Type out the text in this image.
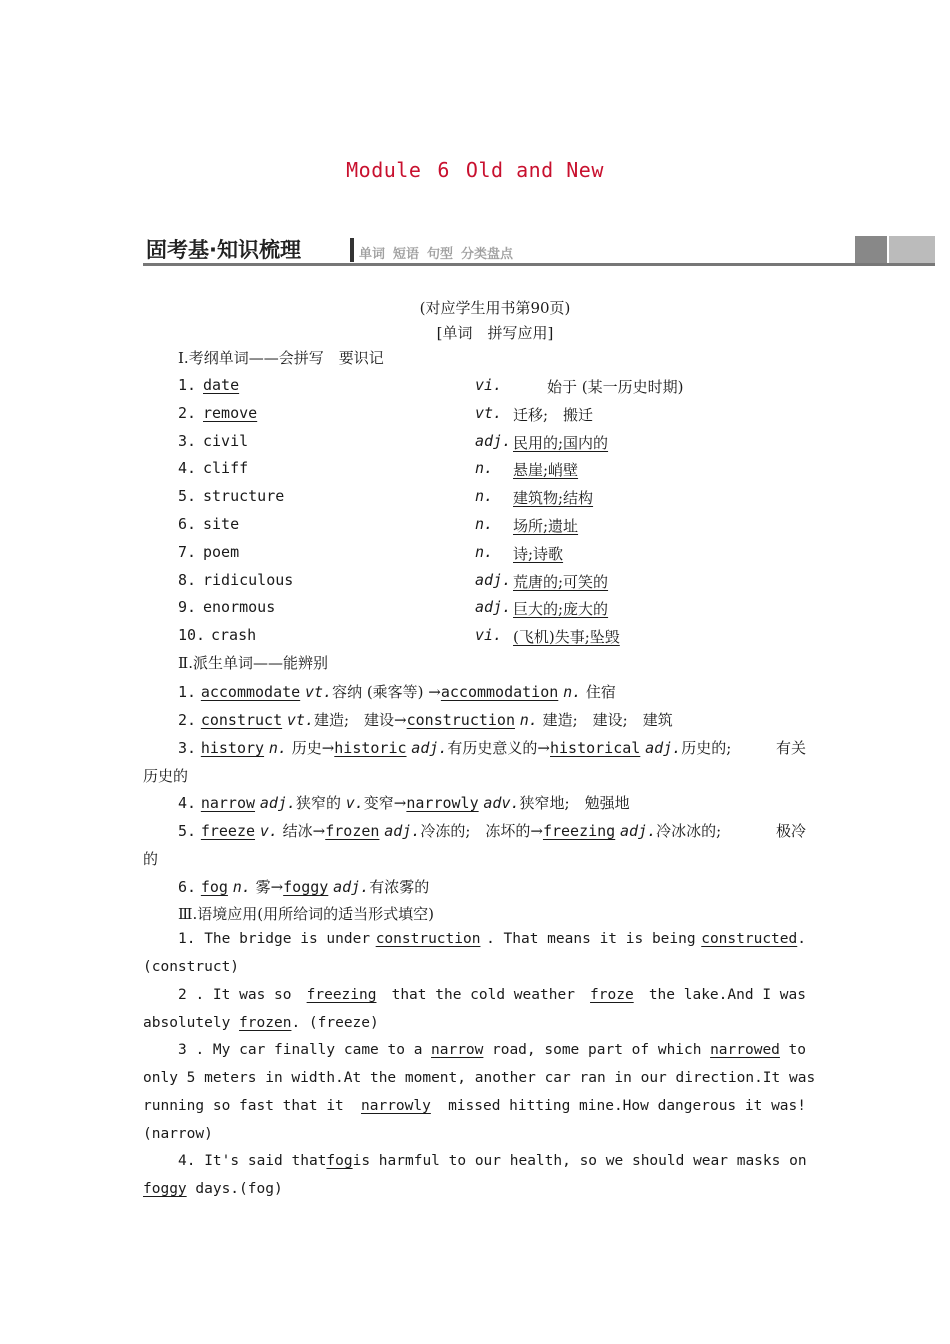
Module 6 Old and New
固考基·知识梳理	单词 短语 句型 分类盘点
(对应学生用书第90页)
[单词　拼写应用]
Ⅰ.考纲单词——会拼写　要识记
1. date	vi.	始于 (某一历史时期)
2. remove	vt. 迁移;　搬迁
3. civil	adj. 民用的;国内的
4. cliff	n. 悬崖;峭壁
5. structure	n. 建筑物;结构
6. site	n. 场所;遗址
7. poem	n. 诗;诗歌
8. ridiculous	adj. 荒唐的;可笑的
9. enormous	adj. 巨大的;庞大的
10. crash	vi. (飞机)失事;坠毁
Ⅱ.派生单词——能辨别
1. accommodate vt.容纳 (乘客等) →accommodation n. 住宿
2. construct vt.建造;　建设→construction n. 建造;　建设;　建筑
3. history n. 历史→historic adj.有历史意义的→historical adj.历史的;	有关
历史的
4. narrow adj.狭窄的 v.变窄→narrowly adv.狭窄地;　勉强地
5. freeze v. 结冰→frozen adj.冷冻的;　冻坏的→freezing adj.冷冰冰的;	极冷
的
6. fog n. 雾→foggy adj.有浓雾的
Ⅲ.语境应用(用所给词的适当形式填空)
1. The bridge is under construction . That means it is being constructed.
(construct)
2 . It was so freezing that the cold weather froze the lake.And I was
absolutely frozen. (freeze)
3 . My car finally came to a narrow road, some part of which narrowed to
only 5 meters in width.At the moment, another car ran in our direction.It was
running so fast that it narrowly missed hitting mine.How dangerous it was!
(narrow)
4. It's said that fog is harmful to our health, so we should wear masks on
foggy days.(fog)
